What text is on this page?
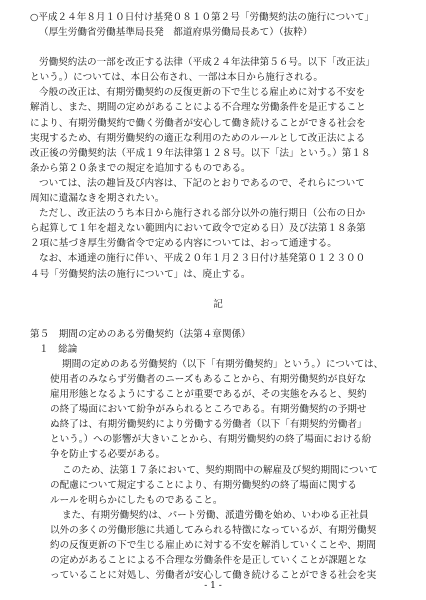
○平成２４年８月１０日付け基発０８１０第２号「労働契約法の施行について」
（厚生労働省労働基準局長発　都道府県労働局長あて）（抜粋）
労働契約法の一部を改正する法律（平成２４年法律第５６号。以下「改正法」
という。）については、本日公布され、一部は本日から施行される。
今般の改正は、有期労働契約の反復更新の下で生じる雇止めに対する不安を
解消し、また、期間の定めがあることによる不合理な労働条件を是正すること
により、有期労働契約で働く労働者が安心して働き続けることができる社会を
実現するため、有期労働契約の適正な利用のためのルールとして改正法による
改正後の労働契約法（平成１９年法律第１２８号。以下「法」という。）第１８
条から第２０条までの規定を追加するものである。
ついては、法の趣旨及び内容は、下記のとおりであるので、それらについて
周知に遺漏なきを期されたい。
ただし、改正法のうち本日から施行される部分以外の施行期日（公布の日か
ら起算して１年を超えない範囲内において政令で定める日）及び法第１８条第
２項に基づき厚生労働省令で定める内容については、おって通達する。
なお、本通達の施行に伴い、平成２０年１月２３日付け基発第０１２３００
４号「労働契約法の施行について」は、廃止する。
記
第５　期間の定めのある労働契約（法第４章関係）
１　総論
期間の定めのある労働契約（以下「有期労働契約」という。）については、
使用者のみならず労働者のニーズもあることから、有期労働契約が良好な
雇用形態となるようにすることが重要であるが、その実態をみると、契約
の終了場面において紛争がみられるところである。有期労働契約の予期せ
ぬ終了は、有期労働契約により労働する労働者（以下「有期契約労働者」
という。）への影響が大きいことから、有期労働契約の終了場面における紛
争を防止する必要がある。
このため、法第１７条において、契約期間中の解雇及び契約期間について
の配慮について規定することにより、有期労働契約の終了場面に関する
ルールを明らかにしたものであること。
また、有期労働契約は、パート労働、派遣労働を始め、いわゆる正社員
以外の多くの労働形態に共通してみられる特徴になっているが、有期労働契
約の反復更新の下で生じる雇止めに対する不安を解消していくことや、期間
の定めがあることによる不合理な労働条件を是正していくことが課題とな
っていることに対処し、労働者が安心して働き続けることができる社会を実
- 1 -
